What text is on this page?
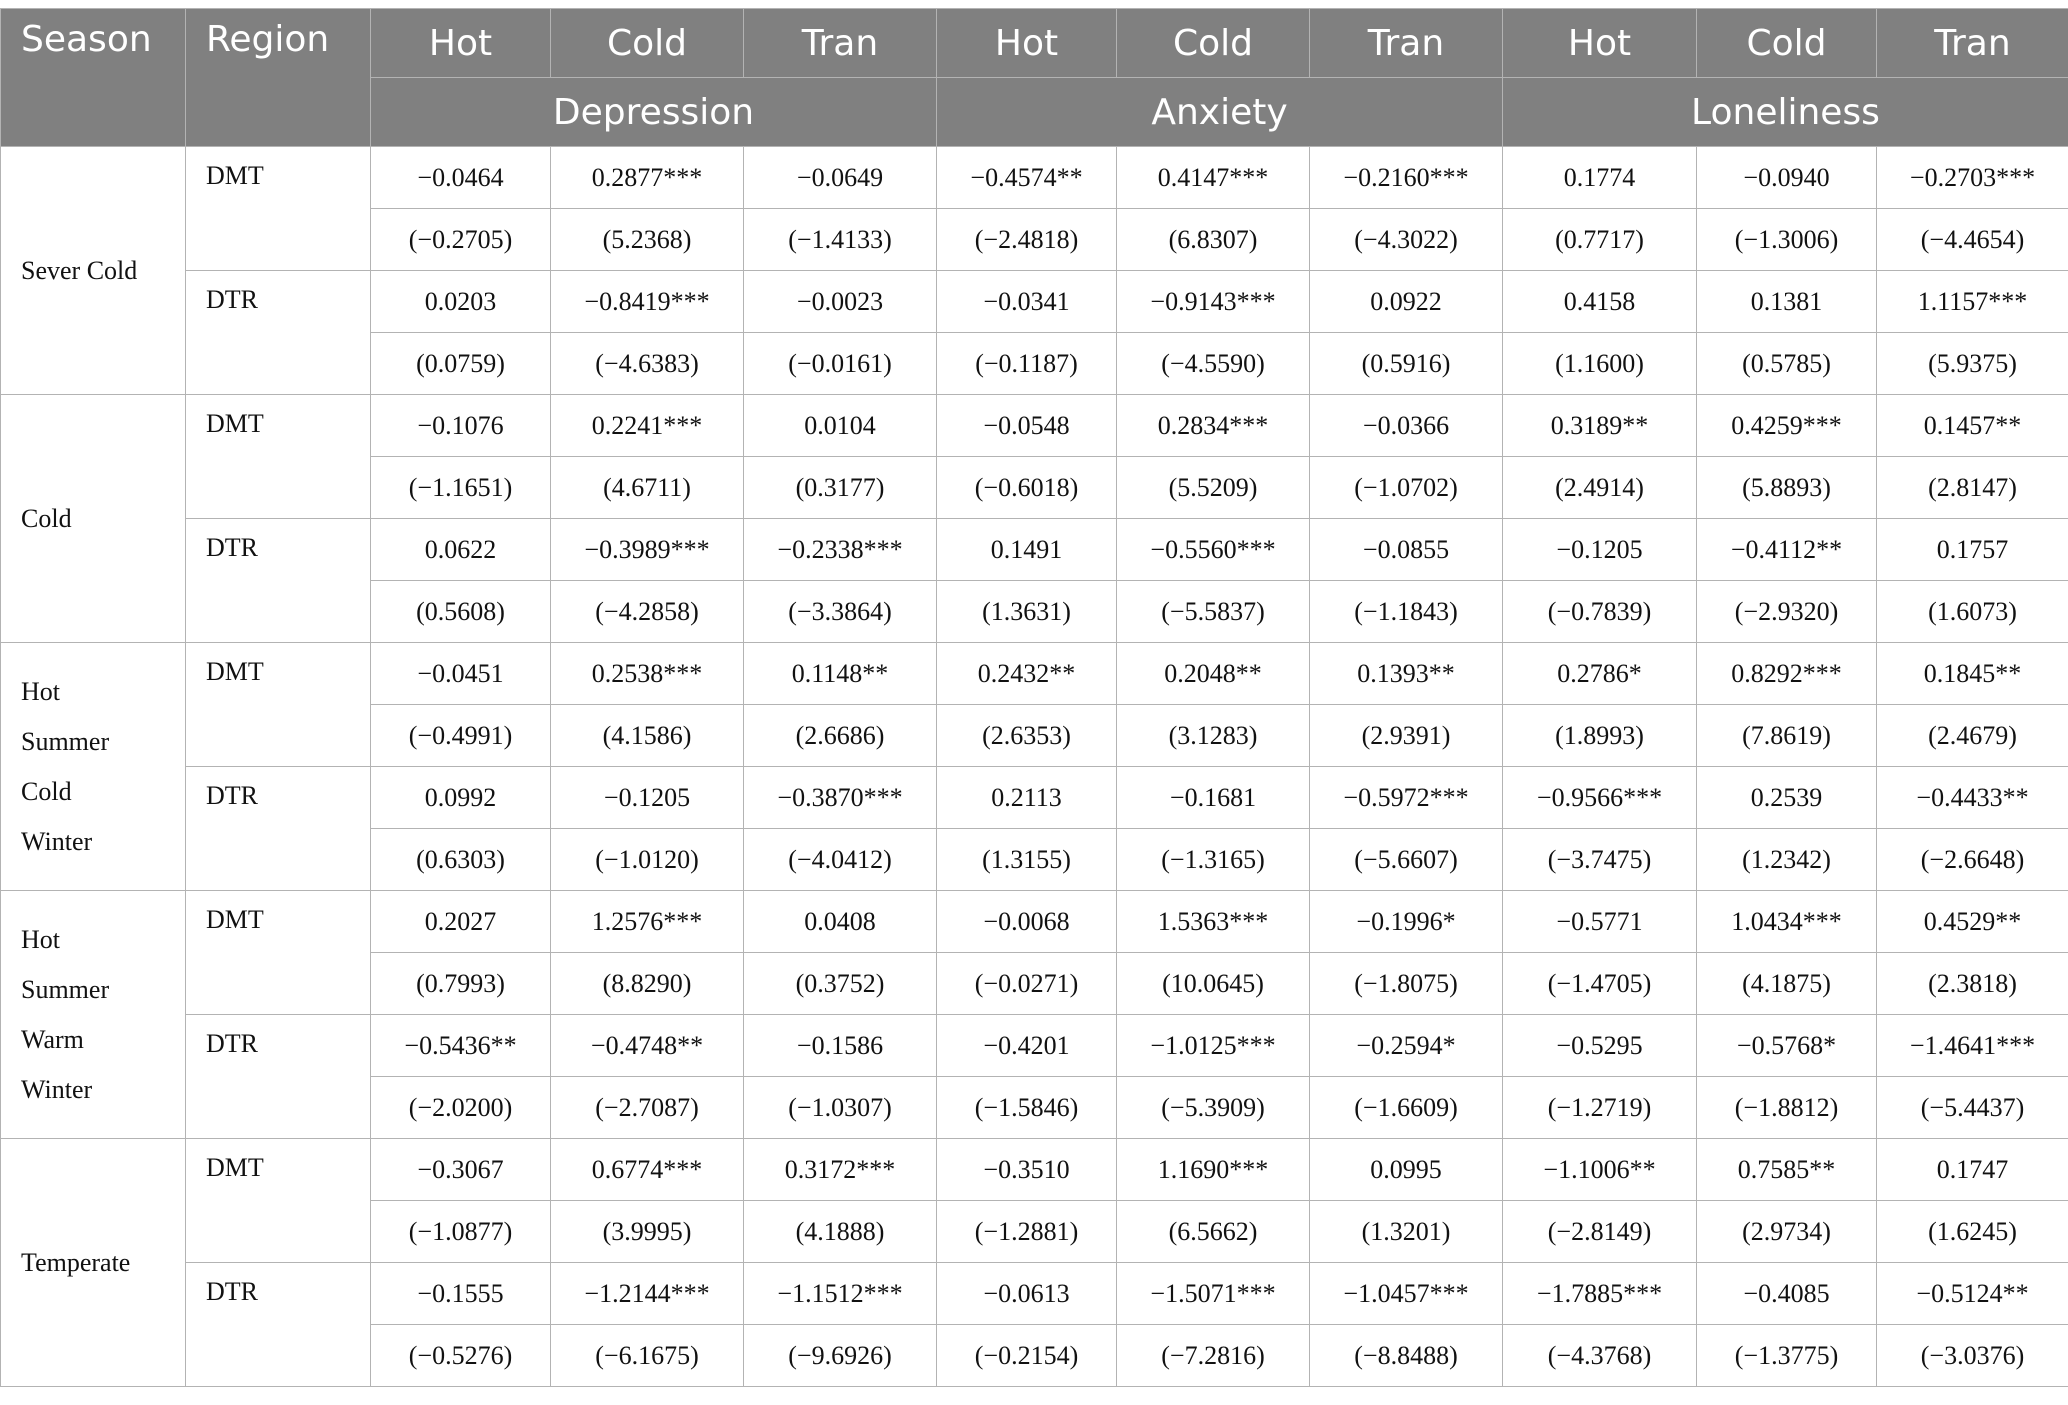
Season	Region	Hot	Cold	Tran	Hot	Cold	Tran	Hot	Cold	Tran
		Depression			Anxiety			Loneliness		

Sever Cold	DMT	−0.0464	0.2877***	−0.0649	−0.4574**	0.4147***	−0.2160***	0.1774	−0.0940	−0.2703***
		(−0.2705)	(5.2368)	(−1.4133)	(−2.4818)	(6.8307)	(−4.3022)	(0.7717)	(−1.3006)	(−4.4654)
	DTR	0.0203	−0.8419***	−0.0023	−0.0341	−0.9143***	0.0922	0.4158	0.1381	1.1157***
		(0.0759)	(−4.6383)	(−0.0161)	(−0.1187)	(−4.5590)	(0.5916)	(1.1600)	(0.5785)	(5.9375)

Cold	DMT	−0.1076	0.2241***	0.0104	−0.0548	0.2834***	−0.0366	0.3189**	0.4259***	0.1457**
		(−1.1651)	(4.6711)	(0.3177)	(−0.6018)	(5.5209)	(−1.0702)	(2.4914)	(5.8893)	(2.8147)
	DTR	0.0622	−0.3989***	−0.2338***	0.1491	−0.5560***	−0.0855	−0.1205	−0.4112**	0.1757
		(0.5608)	(−4.2858)	(−3.3864)	(1.3631)	(−5.5837)	(−1.1843)	(−0.7839)	(−2.9320)	(1.6073)

Hot
Summer
Cold
Winter	DMT	−0.0451	0.2538***	0.1148**	0.2432**	0.2048**	0.1393**	0.2786*	0.8292***	0.1845**
		(−0.4991)	(4.1586)	(2.6686)	(2.6353)	(3.1283)	(2.9391)	(1.8993)	(7.8619)	(2.4679)
	DTR	0.0992	−0.1205	−0.3870***	0.2113	−0.1681	−0.5972***	−0.9566***	0.2539	−0.4433**
		(0.6303)	(−1.0120)	(−4.0412)	(1.3155)	(−1.3165)	(−5.6607)	(−3.7475)	(1.2342)	(−2.6648)

Hot
Summer
Warm
Winter	DMT	0.2027	1.2576***	0.0408	−0.0068	1.5363***	−0.1996*	−0.5771	1.0434***	0.4529**
		(0.7993)	(8.8290)	(0.3752)	(−0.0271)	(10.0645)	(−1.8075)	(−1.4705)	(4.1875)	(2.3818)
	DTR	−0.5436**	−0.4748**	−0.1586	−0.4201	−1.0125***	−0.2594*	−0.5295	−0.5768*	−1.4641***
		(−2.0200)	(−2.7087)	(−1.0307)	(−1.5846)	(−5.3909)	(−1.6609)	(−1.2719)	(−1.8812)	(−5.4437)

Temperate	DMT	−0.3067	0.6774***	0.3172***	−0.3510	1.1690***	0.0995	−1.1006**	0.7585**	0.1747
		(−1.0877)	(3.9995)	(4.1888)	(−1.2881)	(6.5662)	(1.3201)	(−2.8149)	(2.9734)	(1.6245)
	DTR	−0.1555	−1.2144***	−1.1512***	−0.0613	−1.5071***	−1.0457***	−1.7885***	−0.4085	−0.5124**
		(−0.5276)	(−6.1675)	(−9.6926)	(−0.2154)	(−7.2816)	(−8.8488)	(−4.3768)	(−1.3775)	(−3.0376)
